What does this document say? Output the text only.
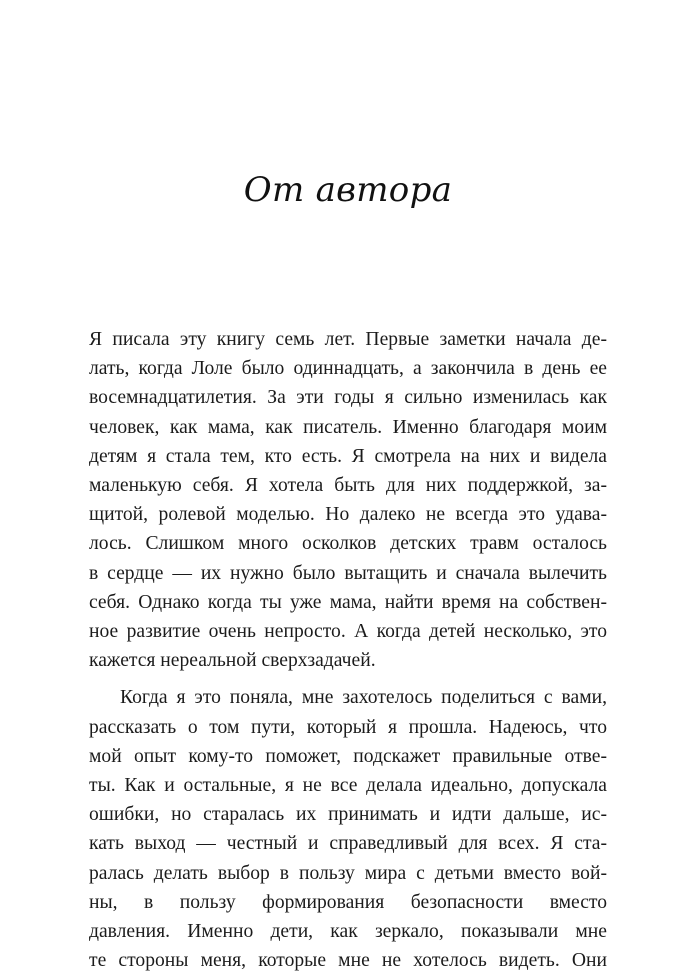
От автора

Я писала эту книгу семь лет. Первые заметки начала де-
лать, когда Лоле было одиннадцать, а закончила в день ее
восемнадцатилетия. За эти годы я сильно изменилась как
человек, как мама, как писатель. Именно благодаря моим
детям я стала тем, кто есть. Я смотрела на них и видела
маленькую себя. Я хотела быть для них поддержкой, за-
щитой, ролевой моделью. Но далеко не всегда это удава-
лось. Слишком много осколков детских травм осталось
в сердце — их нужно было вытащить и сначала вылечить
себя. Однако когда ты уже мама, найти время на собствен-
ное развитие очень непросто. А когда детей несколько, это
кажется нереальной сверхзадачей.

Когда я это поняла, мне захотелось поделиться с вами,
рассказать о том пути, который я прошла. Надеюсь, что
мой опыт кому-то поможет, подскажет правильные отве-
ты. Как и остальные, я не все делала идеально, допускала
ошибки, но старалась их принимать и идти дальше, ис-
кать выход — честный и справедливый для всех. Я ста-
ралась делать выбор в пользу мира с детьми вместо вой-
ны, в пользу формирования безопасности вместо
давления. Именно дети, как зеркало, показывали мне
те стороны меня, которые мне не хотелось видеть. Они
